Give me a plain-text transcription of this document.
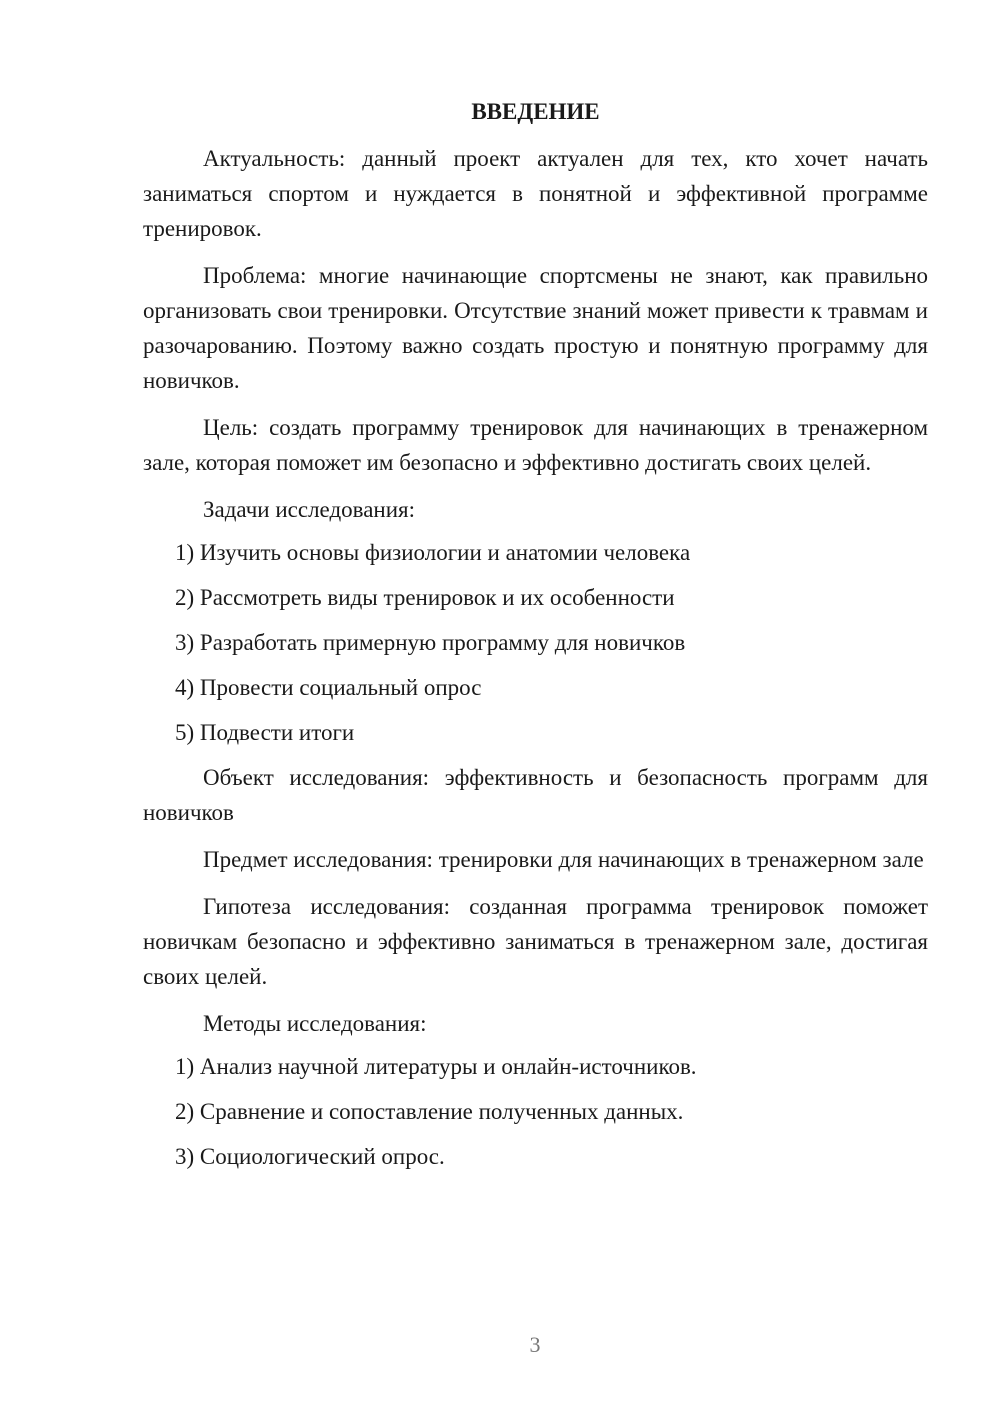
ВВЕДЕНИЕ

Актуальность: данный проект актуален для тех, кто хочет начать заниматься спортом и нуждается в понятной и эффективной программе тренировок.

Проблема: многие начинающие спортсмены не знают, как правильно организовать свои тренировки. Отсутствие знаний может привести к травмам и разочарованию. Поэтому важно создать простую и понятную программу для новичков.

Цель: создать программу тренировок для начинающих в тренажерном зале, которая поможет им безопасно и эффективно достигать своих целей.

Задачи исследования:

1) Изучить основы физиологии и анатомии человека
2) Рассмотреть виды тренировок и их особенности
3) Разработать примерную программу для новичков
4) Провести социальный опрос
5) Подвести итоги

Объект исследования: эффективность и безопасность программ для новичков

Предмет исследования: тренировки для начинающих в тренажерном зале

Гипотеза исследования: созданная программа тренировок поможет новичкам безопасно и эффективно заниматься в тренажерном зале, достигая своих целей.

Методы исследования:

1) Анализ научной литературы и онлайн-источников.
2) Сравнение и сопоставление полученных данных.
3) Социологический опрос.
3
